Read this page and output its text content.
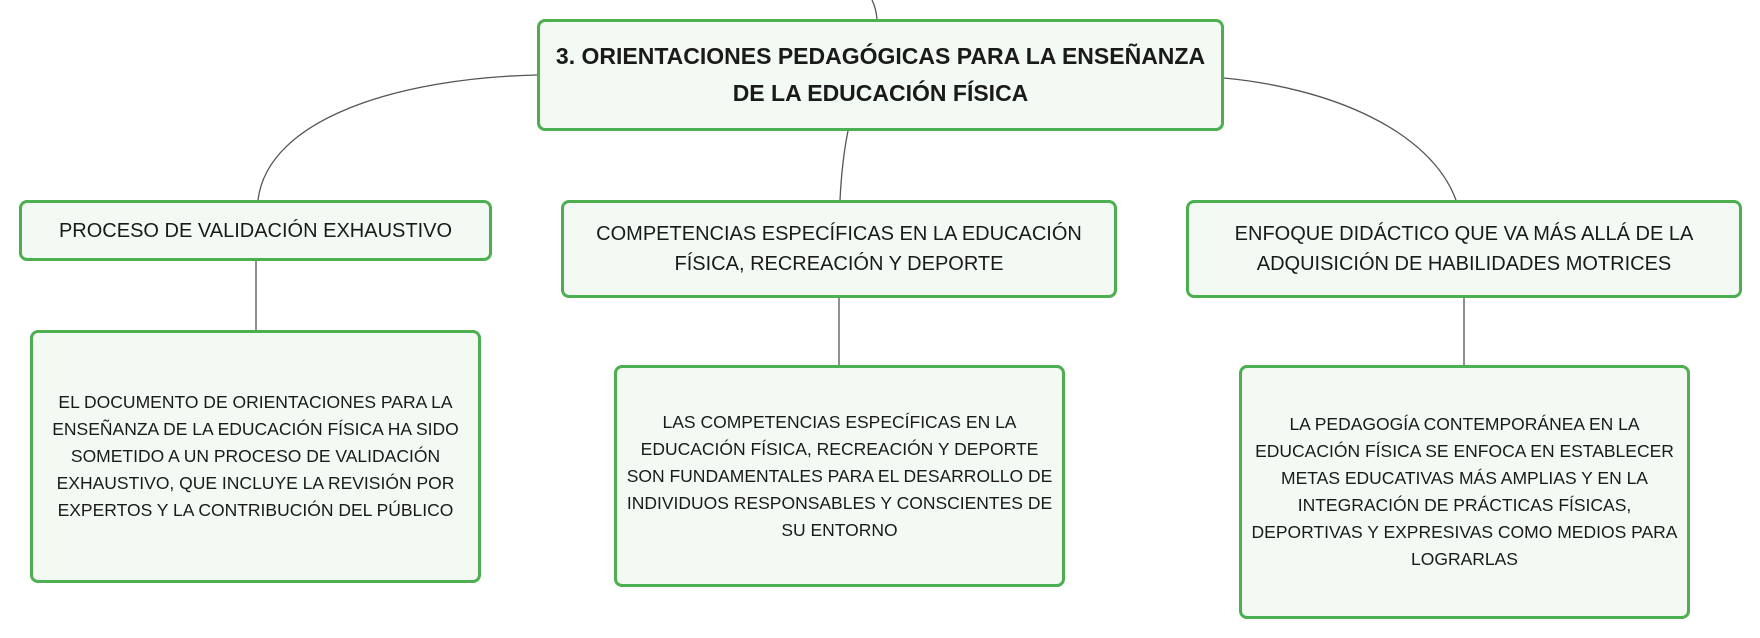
3. ORIENTACIONES PEDAGÓGICAS PARA LA ENSEÑANZA DE LA EDUCACIÓN FÍSICA
PROCESO DE VALIDACIÓN EXHAUSTIVO	COMPETENCIAS ESPECÍFICAS EN LA EDUCACIÓN FÍSICA, RECREACIÓN Y DEPORTE
ENFOQUE DIDÁCTICO QUE VA MÁS ALLÁ DE LA ADQUISICIÓN DE HABILIDADES MOTRICES
EL DOCUMENTO DE ORIENTACIONES PARA LA ENSEÑANZA DE LA EDUCACIÓN FÍSICA HA SIDO SOMETIDO A UN PROCESO DE VALIDACIÓN EXHAUSTIVO, QUE INCLUYE LA REVISIÓN POR EXPERTOS Y LA CONTRIBUCIÓN DEL PÚBLICO
LAS COMPETENCIAS ESPECÍFICAS EN LA EDUCACIÓN FÍSICA, RECREACIÓN Y DEPORTE SON FUNDAMENTALES PARA EL DESARROLLO DE INDIVIDUOS RESPONSABLES Y CONSCIENTES DE SU ENTORNO
LA PEDAGOGÍA CONTEMPORÁNEA EN LA EDUCACIÓN FÍSICA SE ENFOCA EN ESTABLECER METAS EDUCATIVAS MÁS AMPLIAS Y EN LA INTEGRACIÓN DE PRÁCTICAS FÍSICAS, DEPORTIVAS Y EXPRESIVAS COMO MEDIOS PARA LOGRARLAS
